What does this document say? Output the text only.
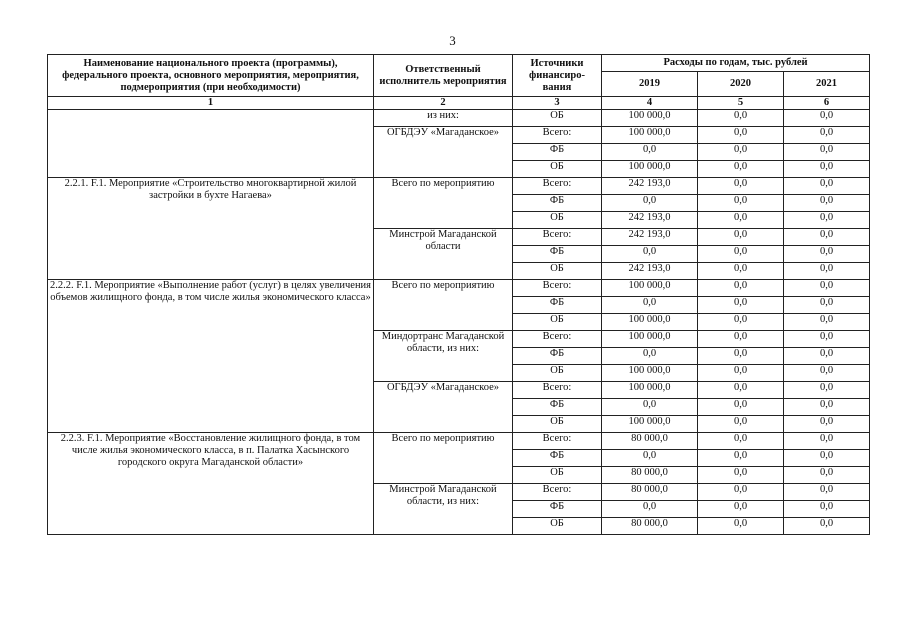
3
Наименование национального проекта (программы), федерального проекта, основного мероприятия, мероприятия, подмероприятия (при необходимости)	Ответственный исполнитель мероприятия	Источники финансиро-вания	Расходы по годам, тыс. рублей		
			2019	2020	2021
1	2	3	4	5	6
	из них:	ОБ	100 000,0	0,0	0,0
	ОГБДЭУ «Магаданское»	Всего:	100 000,0	0,0	0,0
		ФБ	0,0	0,0	0,0
		ОБ	100 000,0	0,0	0,0
2.2.1. F.1. Мероприятие «Строительство многоквартирной жилой застройки в бухте Нагаева»	Всего по мероприятию	Всего:	242 193,0	0,0	0,0
		ФБ	0,0	0,0	0,0
		ОБ	242 193,0	0,0	0,0
	Минстрой Магаданской области	Всего:	242 193,0	0,0	0,0
		ФБ	0,0	0,0	0,0
		ОБ	242 193,0	0,0	0,0
2.2.2. F.1. Мероприятие «Выполнение работ (услуг) в целях увеличения объемов жилищного фонда, в том числе жилья экономического класса»	Всего по мероприятию	Всего:	100 000,0	0,0	0,0
		ФБ	0,0	0,0	0,0
		ОБ	100 000,0	0,0	0,0
	Миндортранс Магаданской области, из них:	Всего:	100 000,0	0,0	0,0
		ФБ	0,0	0,0	0,0
		ОБ	100 000,0	0,0	0,0
	ОГБДЭУ «Магаданское»	Всего:	100 000,0	0,0	0,0
		ФБ	0,0	0,0	0,0
		ОБ	100 000,0	0,0	0,0
2.2.3. F.1. Мероприятие «Восстановление жилищного фонда, в том числе жилья экономического класса, в п. Палатка Хасынского городского округа Магаданской области»	Всего по мероприятию	Всего:	80 000,0	0,0	0,0
		ФБ	0,0	0,0	0,0
		ОБ	80 000,0	0,0	0,0
	Минстрой Магаданской области, из них:	Всего:	80 000,0	0,0	0,0
		ФБ	0,0	0,0	0,0
		ОБ	80 000,0	0,0	0,0
